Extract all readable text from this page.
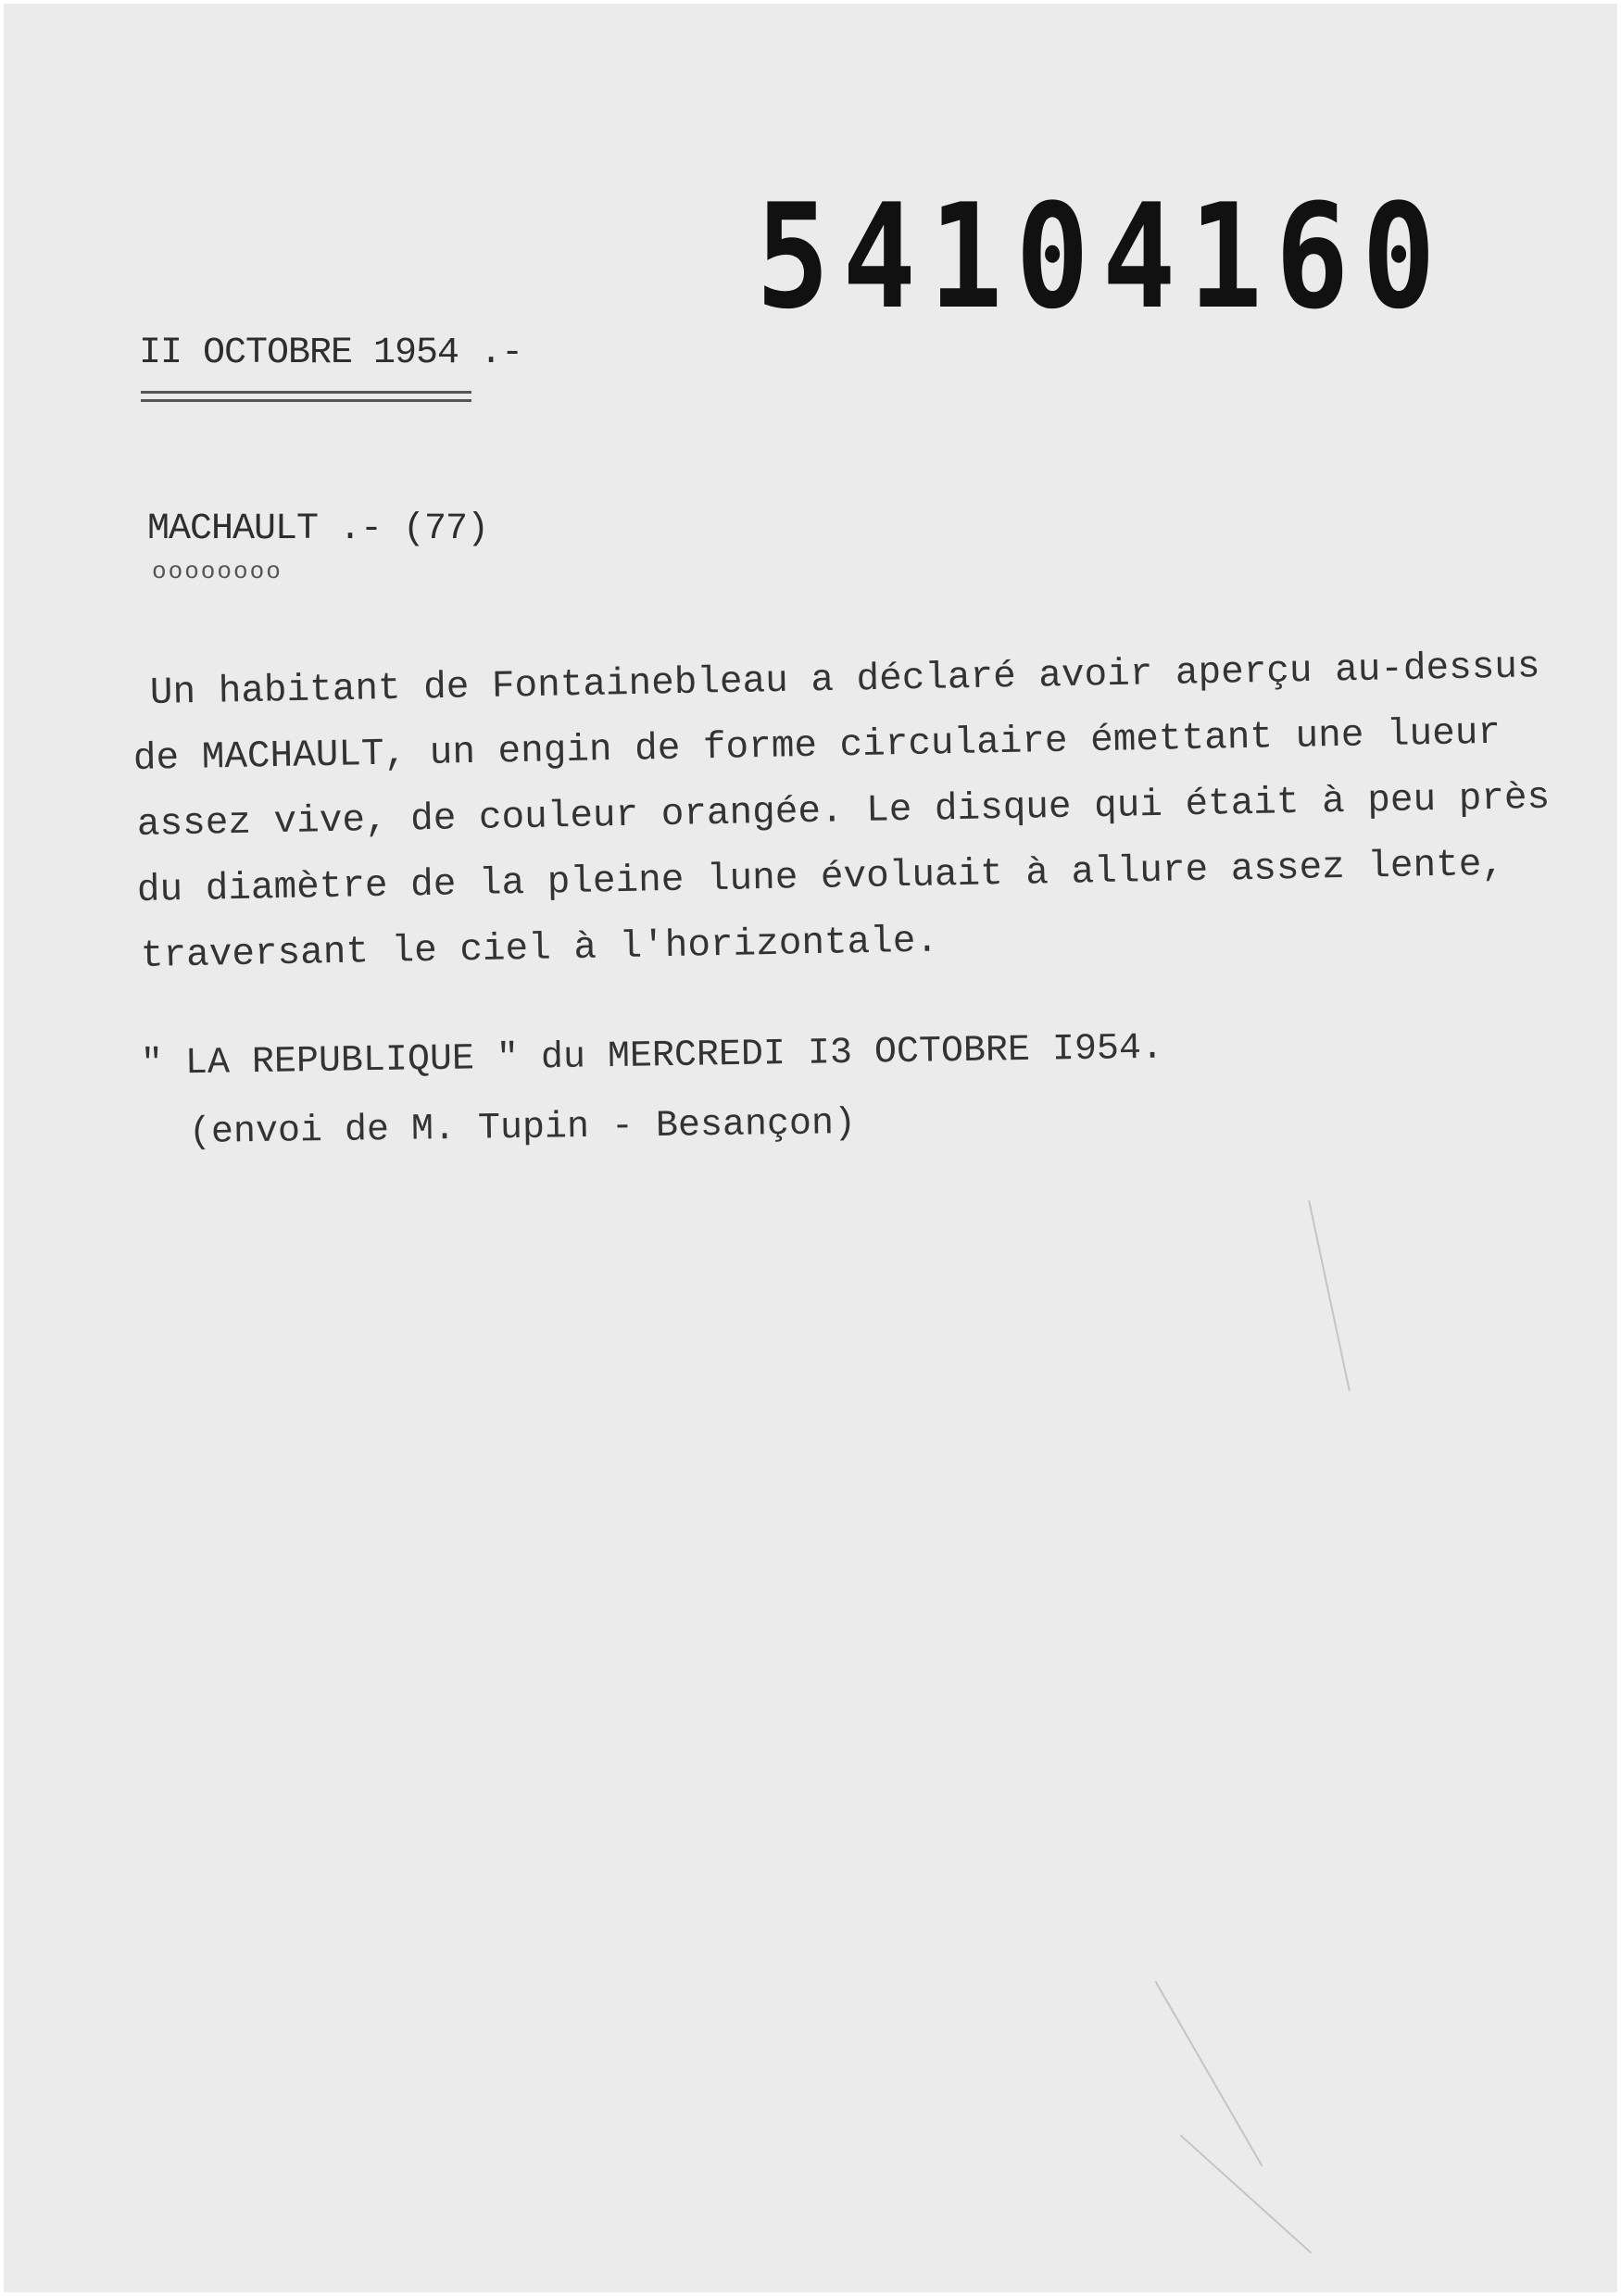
54104160
II OCTOBRE 1954 .-
MACHAULT .- (77)
oooooooo

Un habitant de Fontainebleau a déclaré avoir aperçu au-dessus
de MACHAULT, un engin de forme circulaire émettant une lueur
assez vive, de couleur orangée. Le disque qui était à peu près
du diamètre de la pleine lune évoluait à allure assez lente,
traversant le ciel à l'horizontale.

" LA REPUBLIQUE " du MERCREDI I3 OCTOBRE I954.
(envoi de M. Tupin - Besançon)
